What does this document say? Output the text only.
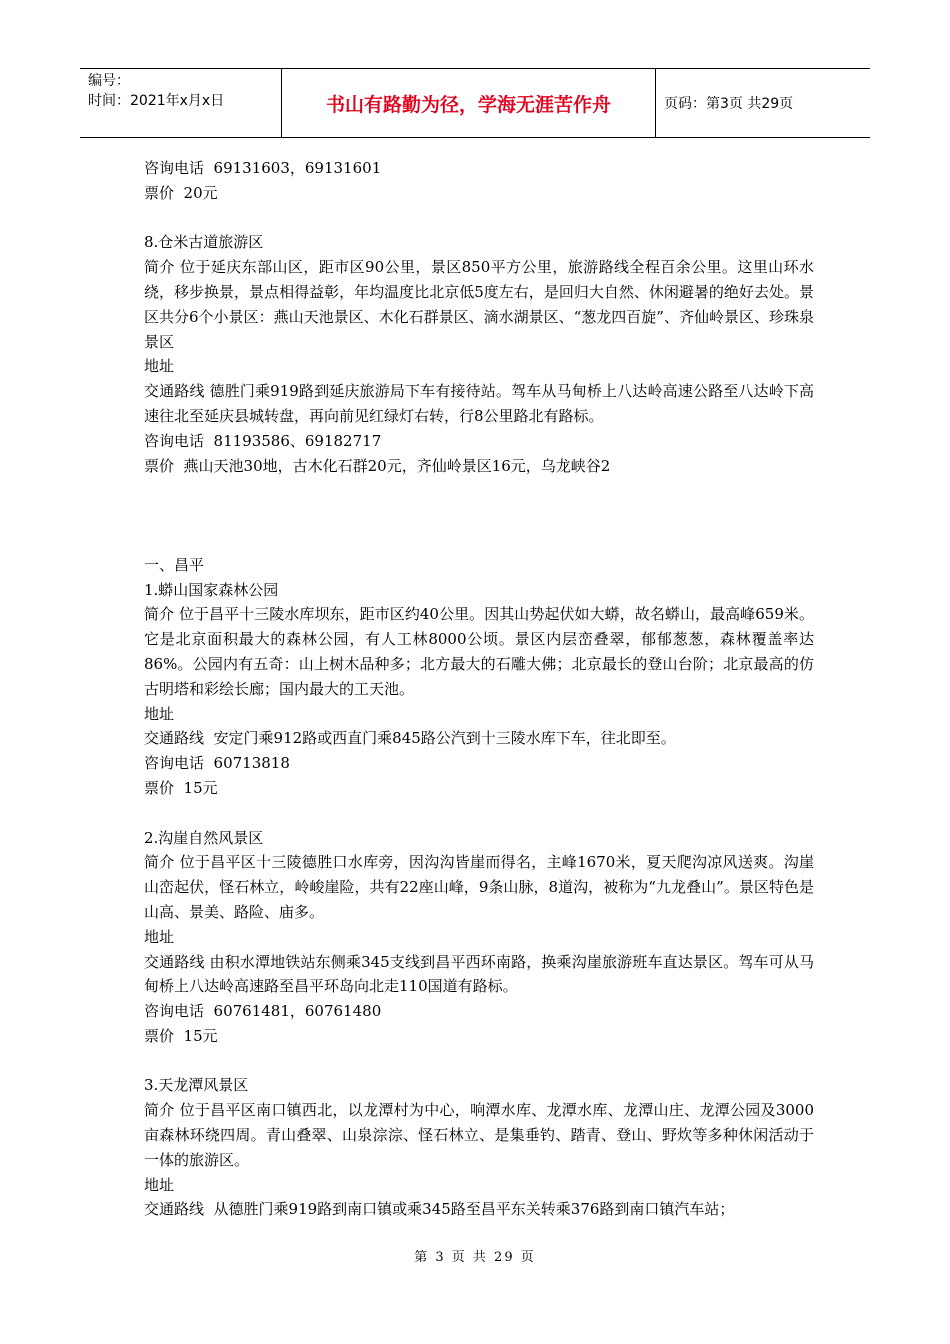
编号：
时间：2021年x月x日	书山有路勤为径，学海无涯苦作舟	页码：第3页 共29页
咨询电话  69131603，69131601
票价  20元
8.仓米古道旅游区
简介 位于延庆东部山区，距市区90公里，景区850平方公里，旅游路线全程百余公里。这里山环水绕，移步换景，景点相得益彰，年均温度比北京低5度左右，是回归大自然、休闲避暑的绝好去处。景区共分6个小景区：燕山天池景区、木化石群景区、滴水湖景区、“葱龙四百旋”、齐仙岭景区、珍珠泉景区
地址
交通路线 德胜门乘919路到延庆旅游局下车有接待站。驾车从马甸桥上八达岭高速公路至八达岭下高速往北至延庆县城转盘，再向前见红绿灯右转，行8公里路北有路标。
咨询电话  81193586、69182717
票价  燕山天池30地，古木化石群20元，齐仙岭景区16元，乌龙峡谷2
一、昌平
1.蟒山国家森林公园
简介 位于昌平十三陵水库坝东，距市区约40公里。因其山势起伏如大蟒，故名蟒山，最高峰659米。它是北京面积最大的森林公园，有人工林8000公顷。景区内层峦叠翠，郁郁葱葱，森林覆盖率达86%。公园内有五奇：山上树木品种多；北方最大的石雕大佛；北京最长的登山台阶；北京最高的仿古明塔和彩绘长廊；国内最大的工天池。
地址
交通路线  安定门乘912路或西直门乘845路公汽到十三陵水库下车，往北即至。
咨询电话  60713818
票价  15元
2.沟崖自然风景区
简介 位于昌平区十三陵德胜口水库旁，因沟沟皆崖而得名，主峰1670米，夏天爬沟凉风送爽。沟崖山峦起伏，怪石林立，岭峻崖险，共有22座山峰，9条山脉，8道沟，被称为“九龙叠山”。景区特色是山高、景美、路险、庙多。
地址
交通路线 由积水潭地铁站东侧乘345支线到昌平西环南路，换乘沟崖旅游班车直达景区。驾车可从马甸桥上八达岭高速路至昌平环岛向北走110国道有路标。
咨询电话  60761481，60761480
票价  15元
3.天龙潭风景区
简介 位于昌平区南口镇西北，以龙潭村为中心，响潭水库、龙潭水库、龙潭山庄、龙潭公园及3000亩森林环绕四周。青山叠翠、山泉淙淙、怪石林立、是集垂钓、踏青、登山、野炊等多种休闲活动于一体的旅游区。
地址
交通路线  从德胜门乘919路到南口镇或乘345路至昌平东关转乘376路到南口镇汽车站；
第 3 页 共 29 页
